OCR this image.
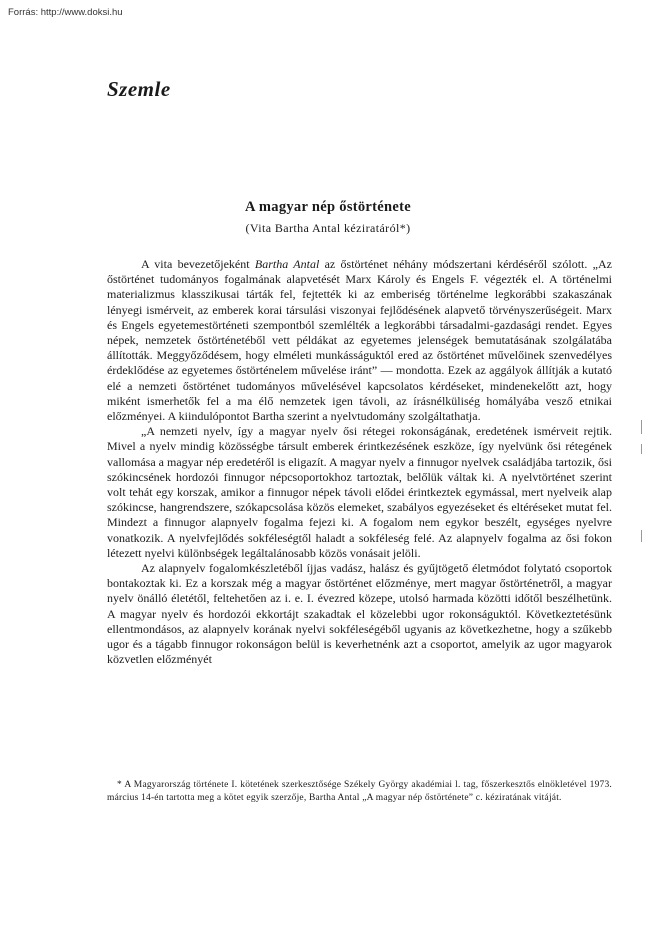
Forrás: http://www.doksi.hu
Szemle
A magyar nép őstörténete
(Vita Bartha Antal kéziratáról*)

A vita bevezetőjeként Bartha Antal az őstörténet néhány módszertani kérdéséről szólott. „Az őstörténet tudományos fogalmának alapvetését Marx Károly és Engels F. végezték el. A történelmi materializmus klasszikusai tárták fel, fejtették ki az emberiség történelme legkorábbi szakaszának lényegi ismérveit, az emberek korai társulási viszonyai fejlődésének alapvető törvényszerűségeit. Marx és Engels egyetemestörténeti szempontból szemlélték a legkorábbi társadalmi-gazdasági rendet. Egyes népek, nemzetek őstörténetéből vett példákat az egyetemes jelenségek bemutatásának szolgálatába állították. Meggyőződésem, hogy elméleti munkásságuktól ered az őstörténet művelőinek szenvedélyes érdeklődése az egyetemes őstörténelem művelése iránt” — mondotta. Ezek az aggályok állítják a kutató elé a nemzeti őstörténet tudományos művelésével kapcsolatos kérdéseket, mindenekelőtt azt, hogy miként ismerhetők fel a ma élő nemzetek igen távoli, az írásnélküliség homályába vesző etnikai előzményei. A kiindulópontot Bartha szerint a nyelvtudomány szolgáltathatja.

„A nemzeti nyelv, így a magyar nyelv ősi rétegei rokonságának, eredetének ismérveit rejtik. Mivel a nyelv mindig közösségbe társult emberek érintkezésének eszköze, így nyelvünk ősi rétegének vallomása a magyar nép eredetéről is eligazít. A magyar nyelv a finnugor nyelvek családjába tartozik, ősi szókincsének hordozói finnugor népcsoportokhoz tartoztak, belőlük váltak ki. A nyelvtörténet szerint volt tehát egy korszak, amikor a finnugor népek távoli elődei érintkeztek egymással, mert nyelveik alap szókincse, hangrendszere, szókapcsolása közös elemeket, szabályos egyezéseket és eltéréseket mutat fel. Mindezt a finnugor alapnyelv fogalma fejezi ki. A fogalom nem egykor beszélt, egységes nyelvre vonatkozik. A nyelvfejlődés sokféleségtől haladt a sokféleség felé. Az alapnyelv fogalma az ősi fokon létezett nyelvi különbségek legáltalánosabb közös vonásait jelöli.

Az alapnyelv fogalomkészletéből íjjas vadász, halász és gyűjtögető életmódot folytató csoportok bontakoztak ki. Ez a korszak még a magyar őstörténet előzménye, mert magyar őstörténetről, a magyar nyelv önálló életétől, feltehetően az i. e. I. évezred közepe, utolsó harmada közötti időtől beszélhetünk. A magyar nyelv és hordozói ekkortájt szakadtak el közelebbi ugor rokonságuktól. Következtetésünk ellentmondásos, az alapnyelv korának nyelvi sokféleségéből ugyanis az következhetne, hogy a szűkebb ugor és a tágabb finnugor rokonságon belül is keverhetnénk azt a csoportot, amelyik az ugor magyarok közvetlen előzményét

* A Magyarország története I. kötetének szerkesztősége Székely György akadémiai l. tag, főszerkesztős elnökletével 1973. március 14-én tartotta meg a kötet egyik szerzője, Bartha Antal „A magyar nép őstörténete” c. kéziratának vitáját.
